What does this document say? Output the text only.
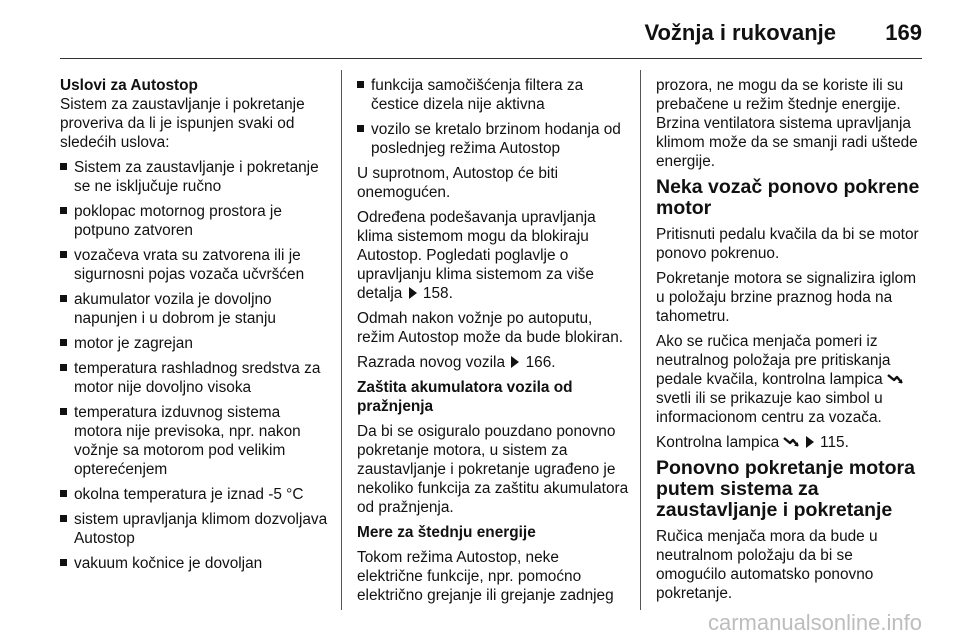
Vožnja i rukovanje 169

Uslovi za Autostop
Sistem za zaustavljanje i pokretanje proveriva da li je ispunjen svaki od sledećih uslova:

Sistem za zaustavljanje i pokretanje se ne isključuje ručno
poklopac motornog prostora je potpuno zatvoren
vozačeva vrata su zatvorena ili je sigurnosni pojas vozača učvršćen
akumulator vozila je dovoljno napunjen i u dobrom je stanju
motor je zagrejan
temperatura rashladnog sredstva za motor nije dovoljno visoka
temperatura izduvnog sistema motora nije previsoka, npr. nakon vožnje sa motorom pod velikim opterećenjem
okolna temperatura je iznad -5 °C
sistem upravljanja klimom dozvoljava Autostop
vakuum kočnice je dovoljan
funkcija samočišćenja filtera za čestice dizela nije aktivna
vozilo se kretalo brzinom hodanja od poslednjeg režima Autostop

U suprotnom, Autostop će biti onemogućen.

Određena podešavanja upravljanja klima sistemom mogu da blokiraju Autostop. Pogledati poglavlje o upravljanju klima sistemom za više detalja 158.

Odmah nakon vožnje po autoputu, režim Autostop može da bude blokiran.

Razrada novog vozila 166.

Zaštita akumulatora vozila od pražnjenja

Da bi se osiguralo pouzdano ponovno pokretanje motora, u sistem za zaustavljanje i pokretanje ugrađeno je nekoliko funkcija za zaštitu akumulatora od pražnjenja.

Mere za štednju energije

Tokom režima Autostop, neke električne funkcije, npr. pomoćno električno grejanje ili grejanje zadnjeg

prozora, ne mogu da se koriste ili su prebačene u režim štednje energije. Brzina ventilatora sistema upravljanja klimom može da se smanji radi uštede energije.

Neka vozač ponovo pokrene motor

Pritisnuti pedalu kvačila da bi se motor ponovo pokrenuo.

Pokretanje motora se signalizira iglom u položaju brzine praznog hoda na tahometru.

Ako se ručica menjača pomeri iz neutralnog položaja pre pritiskanja pedale kvačila, kontrolna lampica  svetli ili se prikazuje kao simbol u informacionom centru za vozača.

Kontrolna lampica	115.

Ponovno pokretanje motora putem sistema za zaustavljanje i pokretanje

Ručica menjača mora da bude u neutralnom položaju da bi se omogućilo automatsko ponovno pokretanje.

carmanualsonline.info
